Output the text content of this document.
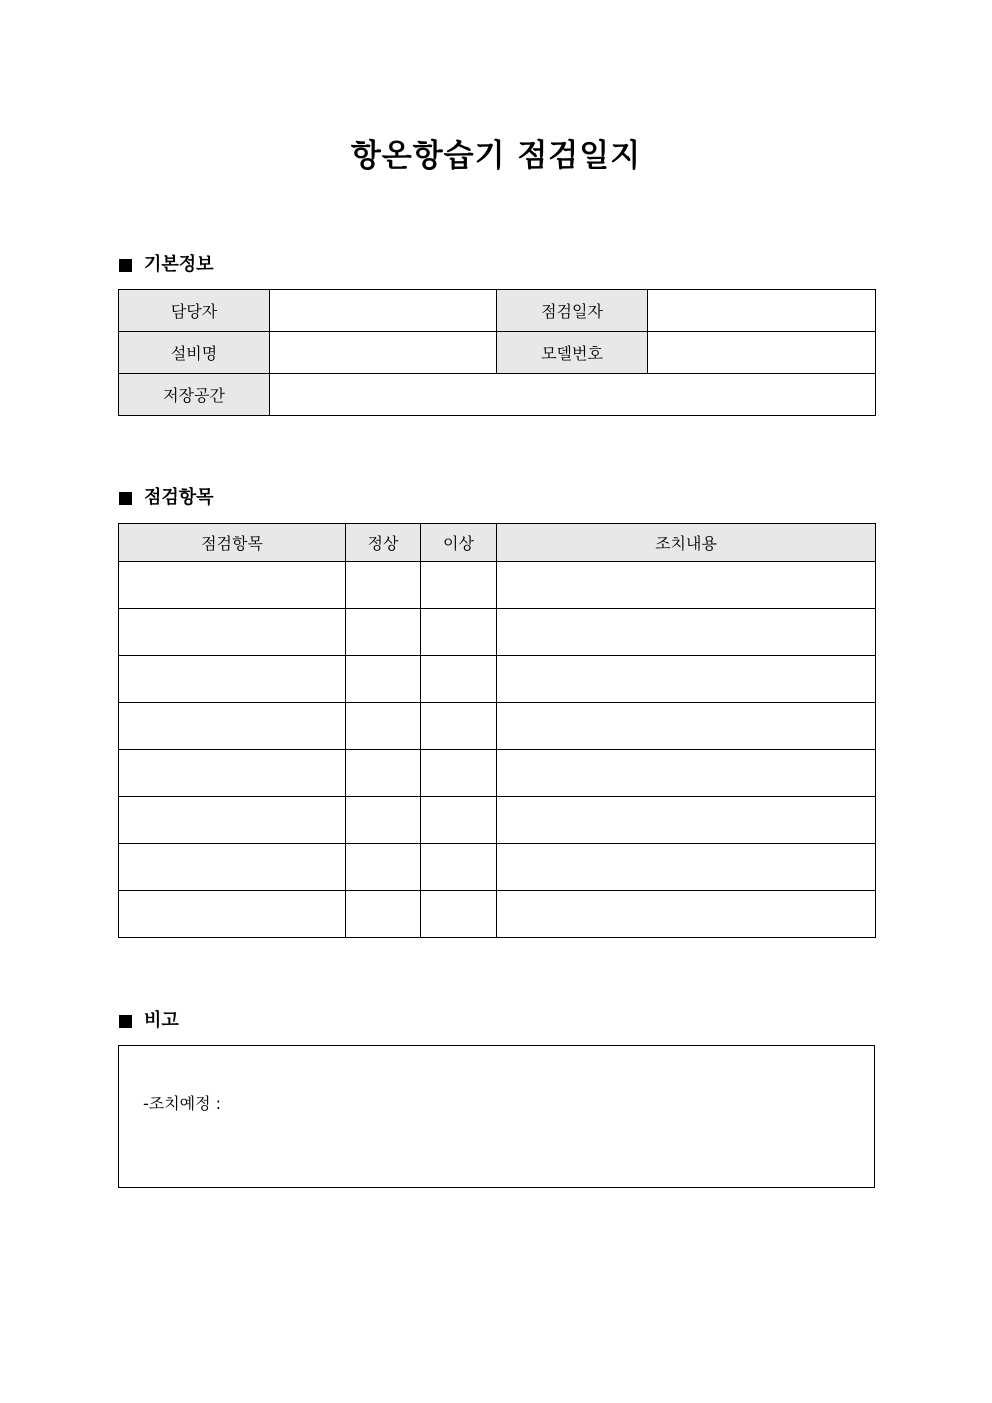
항온항습기 점검일지
기본정보
담당자		점검일자	
설비명		모델번호	
저장공간			
점검항목
점검항목	정상	이상	조치내용

비고
-조치예정 :
